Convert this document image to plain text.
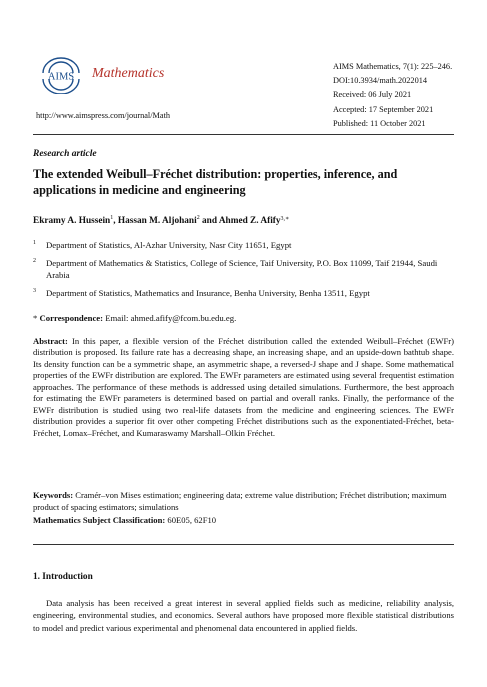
AIMS Mathematics
http://www.aimspress.com/journal/Math
AIMS Mathematics, 7(1): 225–246.
DOI:10.3934/math.2022014
Received: 06 July 2021
Accepted: 17 September 2021
Published: 11 October 2021
Research article
The extended Weibull–Fréchet distribution: properties, inference, and applications in medicine and engineering
Ekramy A. Hussein$^1$, Hassan M. Aljohani$^2$ and Ahmed Z. Afify$^{3,∗}$
1 Department of Statistics, Al-Azhar University, Nasr City 11651, Egypt
2 Department of Mathematics & Statistics, College of Science, Taif University, P.O. Box 11099, Taif 21944, Saudi Arabia
3 Department of Statistics, Mathematics and Insurance, Benha University, Benha 13511, Egypt
* Correspondence: Email: ahmed.afify@fcom.bu.edu.eg.
Abstract: In this paper, a flexible version of the Fréchet distribution called the extended Weibull–Fréchet (EWFr) distribution is proposed. Its failure rate has a decreasing shape, an increasing shape, and an upside-down bathtub shape. Its density function can be a symmetric shape, an asymmetric shape, a reversed-J shape and J shape. Some mathematical properties of the EWFr distribution are explored. The EWFr parameters are estimated using several frequentist estimation approaches. The performance of these methods is addressed using detailed simulations. Furthermore, the best approach for estimating the EWFr parameters is determined based on partial and overall ranks. Finally, the performance of the EWFr distribution is studied using two real-life datasets from the medicine and engineering sciences. The EWFr distribution provides a superior fit over other competing Fréchet distributions such as the exponentiated-Fréchet, beta-Fréchet, Lomax–Fréchet, and Kumaraswamy Marshall–Olkin Fréchet.
Keywords: Cramér–von Mises estimation; engineering data; extreme value distribution; Fréchet distribution; maximum product of spacing estimators; simulations
Mathematics Subject Classification: 60E05, 62F10
1. Introduction
Data analysis has been received a great interest in several applied fields such as medicine, reliability analysis, engineering, environmental studies, and economics. Several authors have proposed more flexible statistical distributions to model and predict various experimental and phenomenal data encountered in applied fields.
